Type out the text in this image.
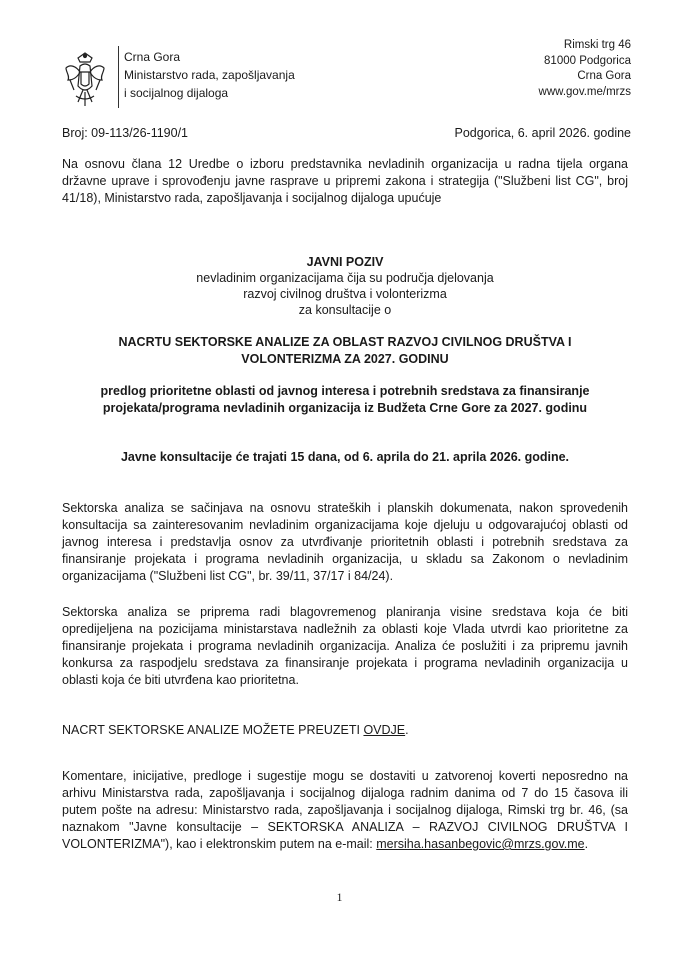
Crna Gora
Ministarstvo rada, zapošljavanja
i socijalnog dijaloga
Rimski trg 46
81000 Podgorica
Crna Gora
www.gov.me/mrzs
Broj: 09-113/26-1190/1	Podgorica, 6. april 2026. godine
Na osnovu člana 12 Uredbe o izboru predstavnika nevladinih organizacija u radna tijela organa državne uprave i sprovođenju javne rasprave u pripremi zakona i strategija ("Službeni list CG", broj 41/18), Ministarstvo rada, zapošljavanja i socijalnog dijaloga upućuje
JAVNI POZIV
nevladinim organizacijama čija su područja djelovanja
razvoj civilnog društva i volonterizma
za konsultacije o
NACRTU SEKTORSKE ANALIZE ZA OBLAST RAZVOJ CIVILNOG DRUŠTVA I
VOLONTERIZMA ZA 2027. GODINU
predlog prioritetne oblasti od javnog interesa i potrebnih sredstava za finansiranje
projekata/programa nevladinih organizacija iz Budžeta Crne Gore za 2027. godinu
Javne konsultacije će trajati 15 dana, od 6. aprila do 21. aprila 2026. godine.
Sektorska analiza se sačinjava na osnovu strateških i planskih dokumenata, nakon sprovedenih konsultacija sa zainteresovanim nevladinim organizacijama koje djeluju u odgovarajućoj oblasti od javnog interesa i predstavlja osnov za utvrđivanje prioritetnih oblasti i potrebnih sredstava za finansiranje projekata i programa nevladinih organizacija, u skladu sa Zakonom o nevladinim organizacijama ("Službeni list CG", br. 39/11, 37/17 i 84/24).
Sektorska analiza se priprema radi blagovremenog planiranja visine sredstava koja će biti opredijeljena na pozicijama ministarstava nadležnih za oblasti koje Vlada utvrdi kao prioritetne za finansiranje projekata i programa nevladinih organizacija. Analiza će poslužiti i za pripremu javnih konkursa za raspodjelu sredstava za finansiranje projekata i programa nevladinih organizacija u oblasti koja će biti utvrđena kao prioritetna.
NACRT SEKTORSKE ANALIZE MOŽETE PREUZETI OVDJE.
Komentare, inicijative, predloge i sugestije mogu se dostaviti u zatvorenoj koverti neposredno na arhivu Ministarstva rada, zapošljavanja i socijalnog dijaloga radnim danima od 7 do 15 časova ili putem pošte na adresu: Ministarstvo rada, zapošljavanja i socijalnog dijaloga, Rimski trg br. 46, (sa naznakom "Javne konsultacije – SEKTORSKA ANALIZA – RAZVOJ CIVILNOG DRUŠTVA I VOLONTERIZMA"), kao i elektronskim putem na e-mail: mersiha.hasanbegovic@mrzs.gov.me.
1
